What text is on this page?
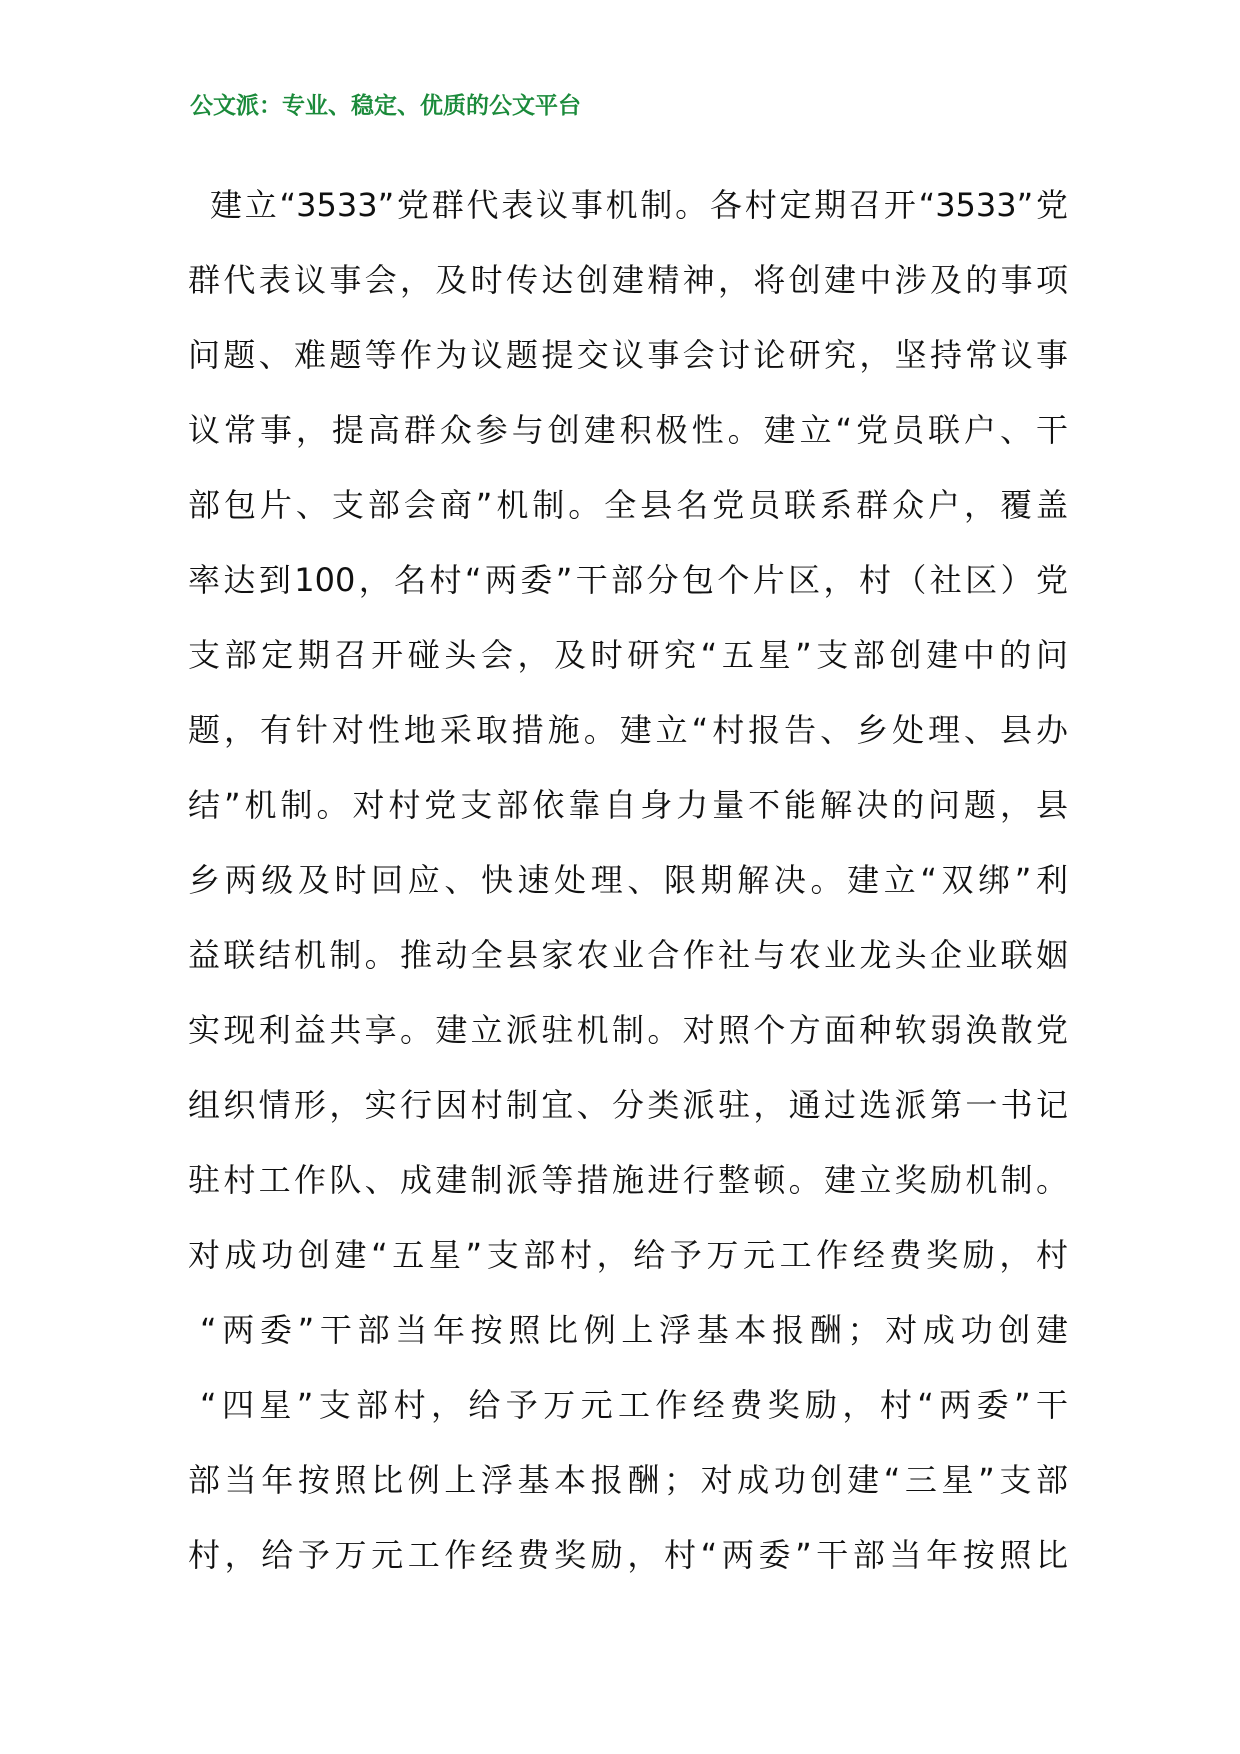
公文派：专业、稳定、优质的公文平台
建立“3533”党群代表议事机制。各村定期召开“3533”党
群代表议事会，及时传达创建精神，将创建中涉及的事项
问题、难题等作为议题提交议事会讨论研究，坚持常议事
议常事，提高群众参与创建积极性。建立“党员联户、干
部包片、支部会商”机制。全县名党员联系群众户，覆盖
率达到100，名村“两委”干部分包个片区，村（社区）党
支部定期召开碰头会，及时研究“五星”支部创建中的问
题，有针对性地采取措施。建立“村报告、乡处理、县办
结”机制。对村党支部依靠自身力量不能解决的问题，县
乡两级及时回应、快速处理、限期解决。建立“双绑”利
益联结机制。推动全县家农业合作社与农业龙头企业联姻
实现利益共享。建立派驻机制。对照个方面种软弱涣散党
组织情形，实行因村制宜、分类派驻，通过选派第一书记
驻村工作队、成建制派等措施进行整顿。建立奖励机制。
对成功创建“五星”支部村，给予万元工作经费奖励，村
“两委”干部当年按照比例上浮基本报酬；对成功创建
“四星”支部村，给予万元工作经费奖励，村“两委”干
部当年按照比例上浮基本报酬；对成功创建“三星”支部
村，给予万元工作经费奖励，村“两委”干部当年按照比
